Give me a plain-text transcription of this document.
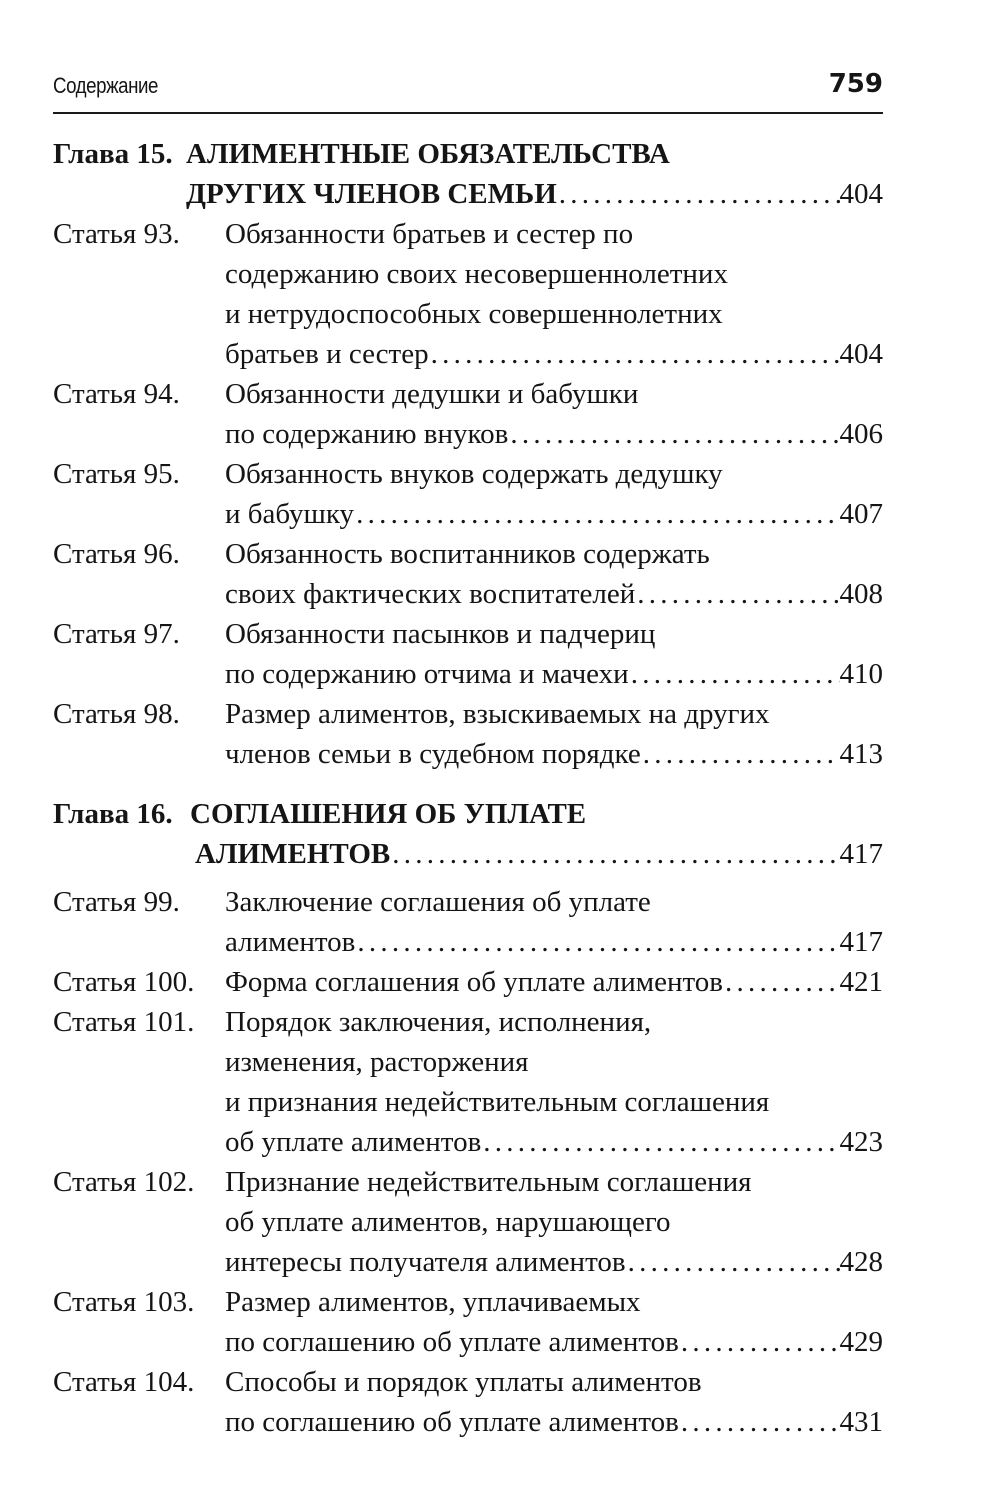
Содержание	759
Глава 15. АЛИМЕНТНЫЕ ОБЯЗАТЕЛЬСТВА
ДРУГИХ ЧЛЕНОВ СЕМЬИ . . .	404
Статья 93. Обязанности братьев и сестер по
содержанию своих несовершеннолетних
и нетрудоспособных совершеннолетних
братьев и сестер . . .	404
Статья 94. Обязанности дедушки и бабушки
по содержанию внуков . . .	406
Статья 95. Обязанность внуков содержать дедушку
и бабушку . . .	407
Статья 96. Обязанность воспитанников содержать
своих фактических воспитателей . . .	408
Статья 97. Обязанности пасынков и падчериц
по содержанию отчима и мачехи . . .	410
Статья 98. Размер алиментов, взыскиваемых на других
членов семьи в судебном порядке . . .	413
Глава 16. СОГЛАШЕНИЯ ОБ УПЛАТЕ
АЛИМЕНТОВ . . .	417
Статья 99. Заключение соглашения об уплате
алиментов . . .	417
Статья 100. Форма соглашения об уплате алиментов . . .	421
Статья 101. Порядок заключения, исполнения,
изменения, расторжения
и признания недействительным соглашения
об уплате алиментов . . .	423
Статья 102. Признание недействительным соглашения
об уплате алиментов, нарушающего
интересы получателя алиментов . . .	428
Статья 103. Размер алиментов, уплачиваемых
по соглашению об уплате алиментов . . .	429
Статья 104. Способы и порядок уплаты алиментов
по соглашению об уплате алиментов . . .	431
